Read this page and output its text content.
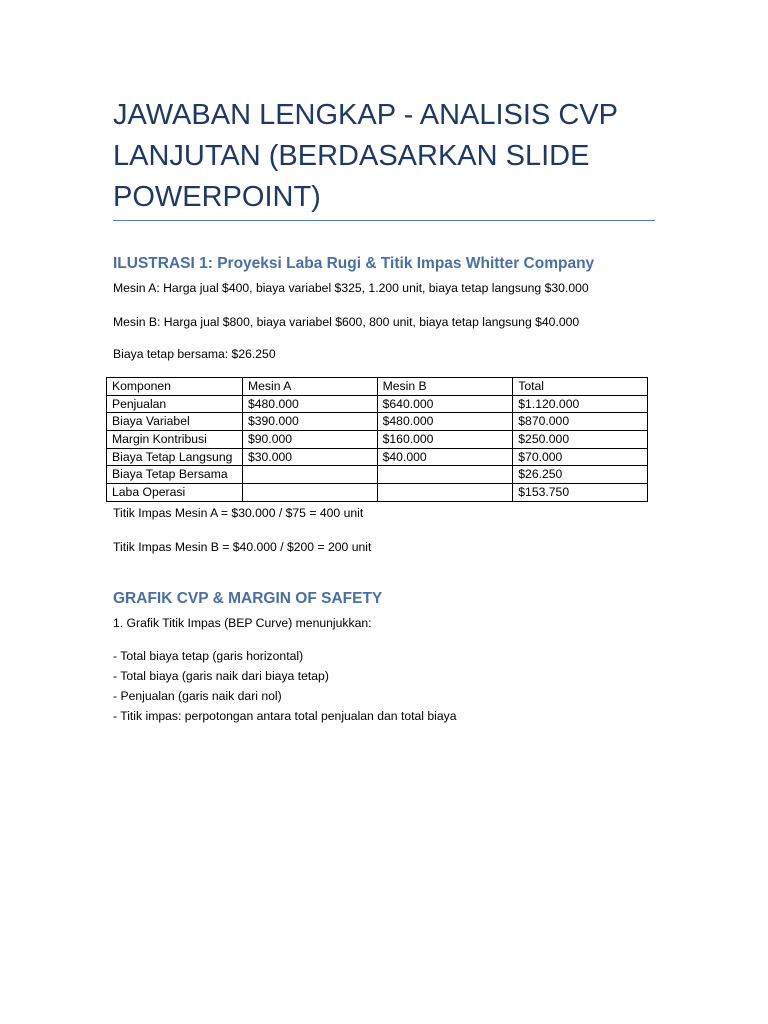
JAWABAN LENGKAP - ANALISIS CVP LANJUTAN (BERDASARKAN SLIDE POWERPOINT)
ILUSTRASI 1: Proyeksi Laba Rugi & Titik Impas Whitter Company

Mesin A: Harga jual $400, biaya variabel $325, 1.200 unit, biaya tetap langsung $30.000

Mesin B: Harga jual $800, biaya variabel $600, 800 unit, biaya tetap langsung $40.000

Biaya tetap bersama: $26.250

Komponen	Mesin A	Mesin B	Total
Penjualan	$480.000	$640.000	$1.120.000
Biaya Variabel	$390.000	$480.000	$870.000
Margin Kontribusi	$90.000	$160.000	$250.000
Biaya Tetap Langsung	$30.000	$40.000	$70.000
Biaya Tetap Bersama			$26.250
Laba Operasi			$153.750

Titik Impas Mesin A = $30.000 / $75 = 400 unit

Titik Impas Mesin B = $40.000 / $200 = 200 unit

GRAFIK CVP & MARGIN OF SAFETY

1. Grafik Titik Impas (BEP Curve) menunjukkan:

- Total biaya tetap (garis horizontal)
- Total biaya (garis naik dari biaya tetap)
- Penjualan (garis naik dari nol)
- Titik impas: perpotongan antara total penjualan dan total biaya
